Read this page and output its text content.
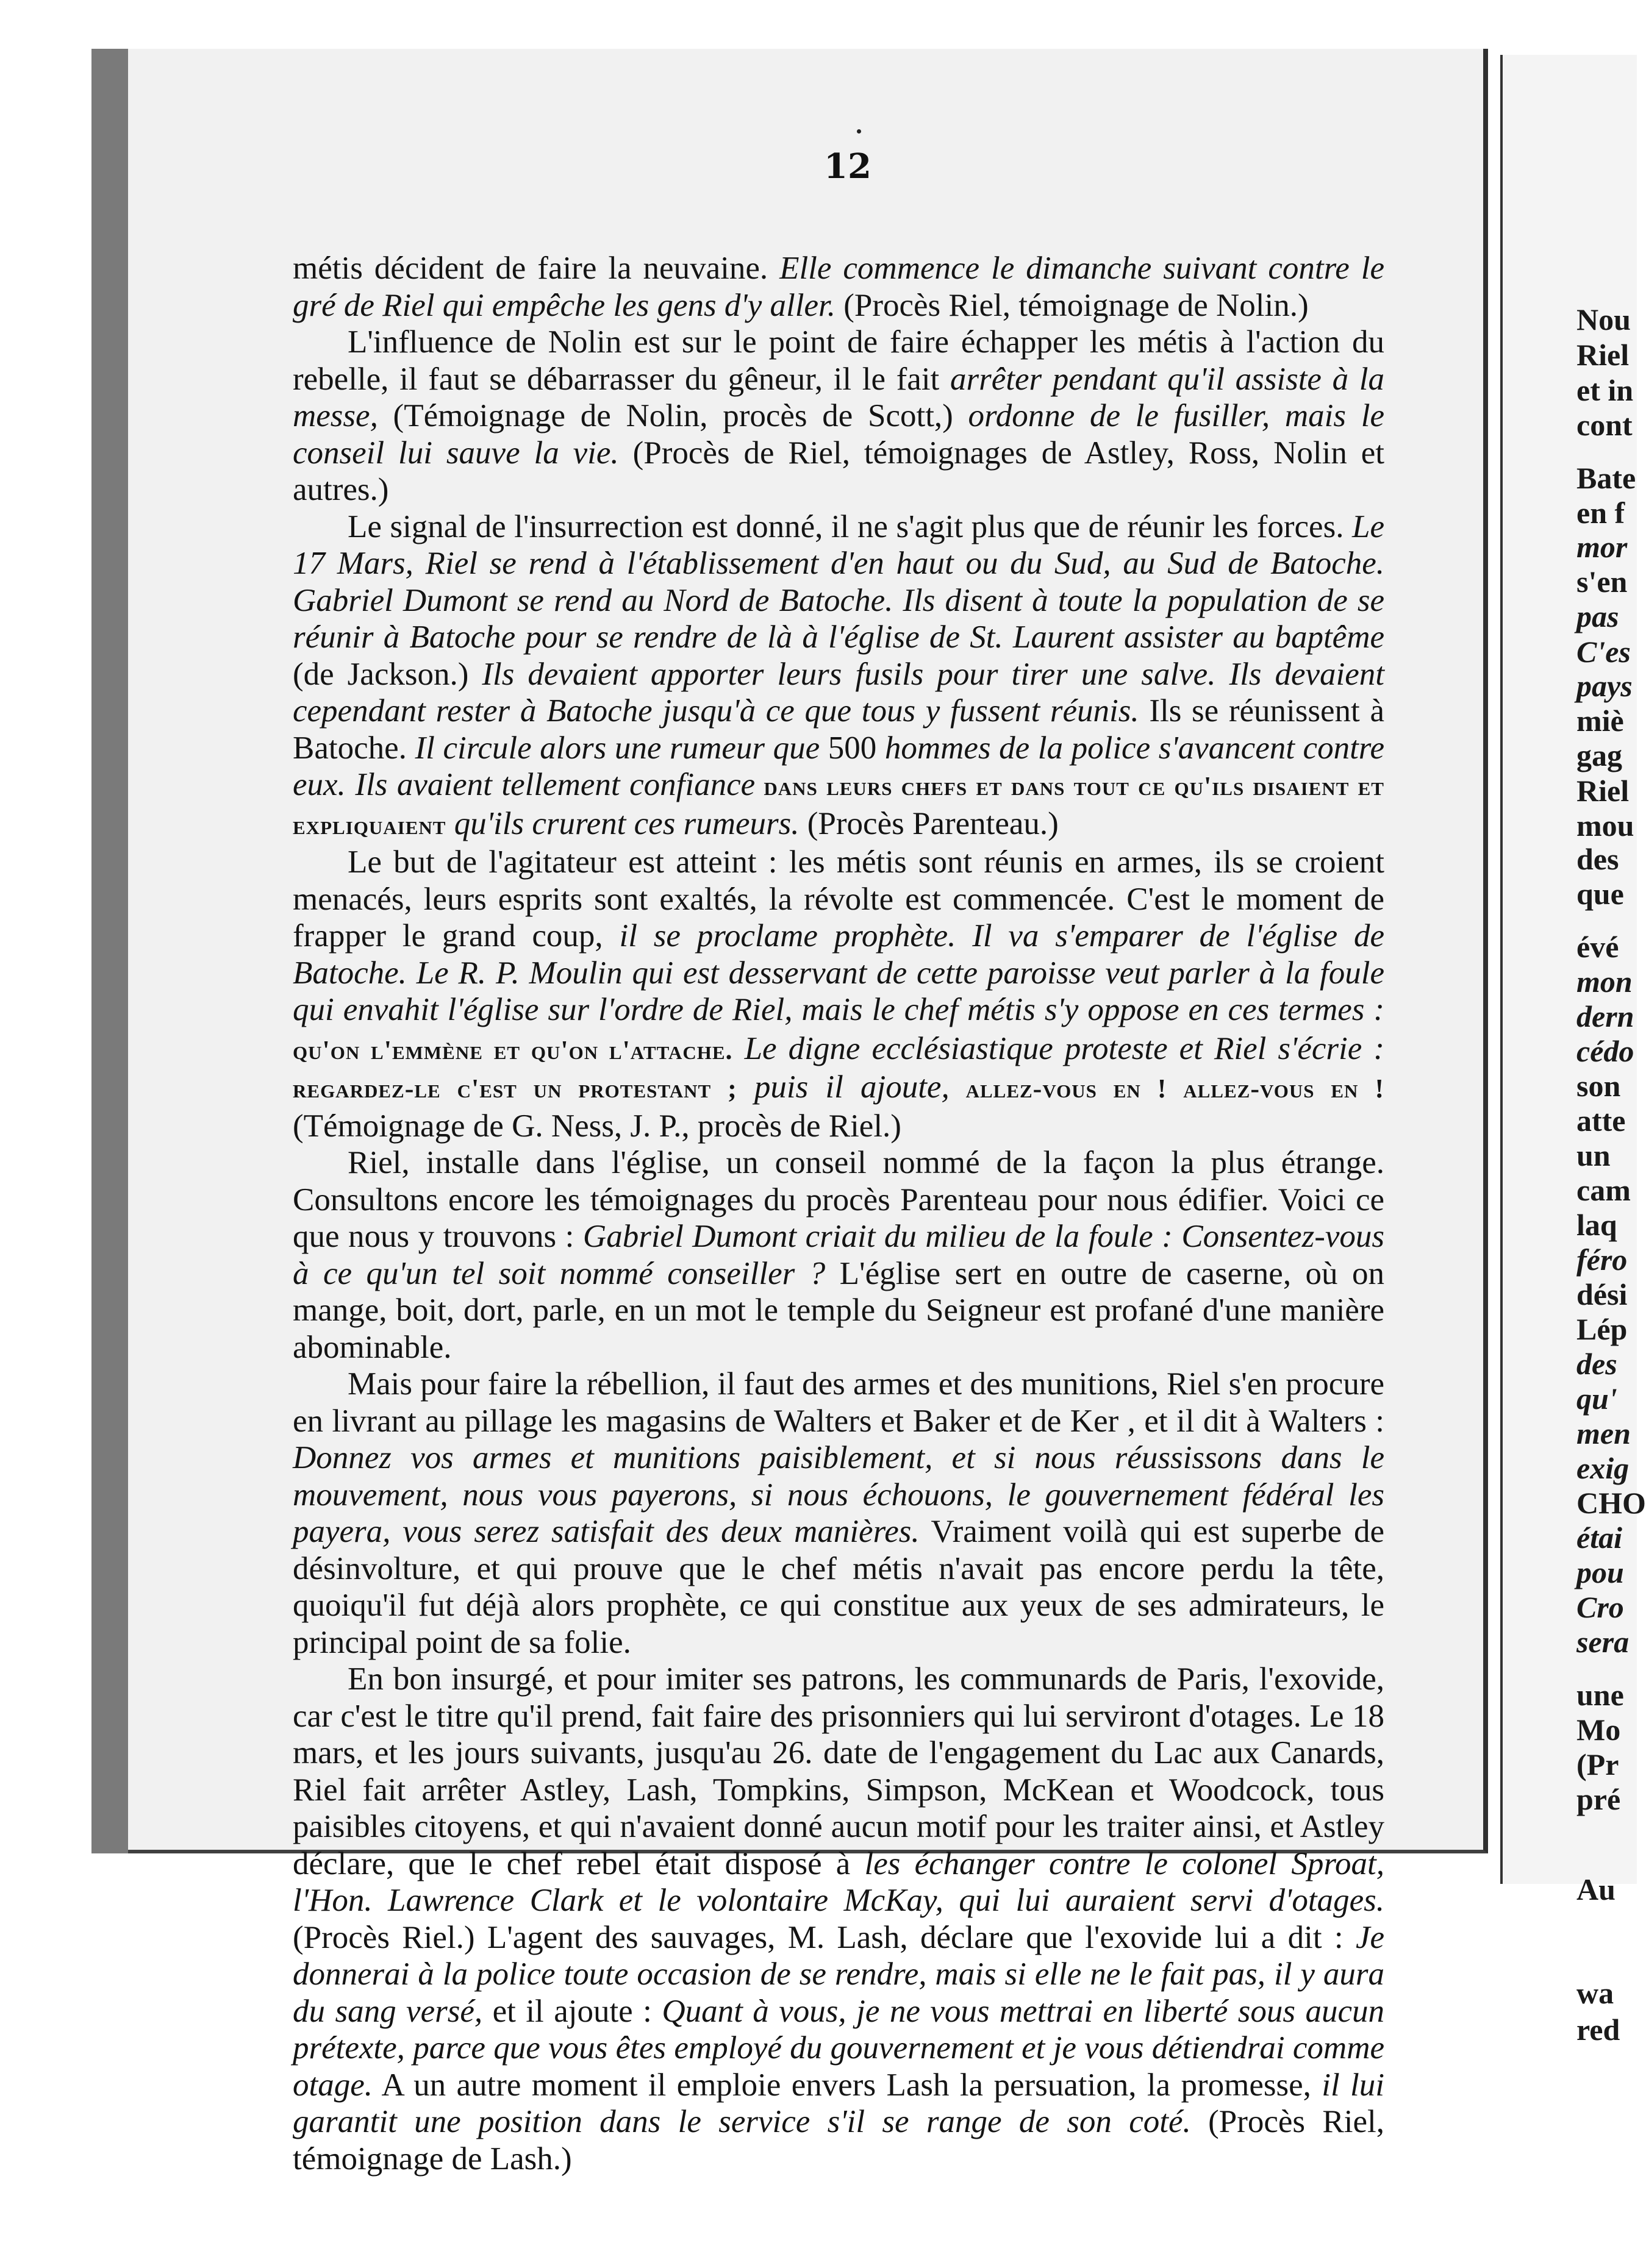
12

métis décident de faire la neuvaine. Elle commence le dimanche suivant contre le gré de Riel qui empêche les gens d'y aller. (Procès Riel, témoignage de Nolin.)

L'influence de Nolin est sur le point de faire échapper les métis à l'action du rebelle, il faut se débarrasser du gêneur, il le fait arrêter pendant qu'il assiste à la messe, (Témoignage de Nolin, procès de Scott,) ordonne de le fusiller, mais le conseil lui sauve la vie. (Procès de Riel, témoignages de Astley, Ross, Nolin et autres.)

Le signal de l'insurrection est donné, il ne s'agit plus que de réunir les forces. Le 17 Mars, Riel se rend à l'établissement d'en haut ou du Sud, au Sud de Batoche. Gabriel Dumont se rend au Nord de Batoche. Ils disent à toute la population de se réunir à Batoche pour se rendre de là à l'église de St. Laurent assister au baptême (de Jackson.) Ils devaient apporter leurs fusils pour tirer une salve. Ils devaient cependant rester à Batoche jusqu'à ce que tous y fussent réunis. Ils se réunissent à Batoche. Il circule alors une rumeur que 500 hommes de la police s'avancent contre eux. Ils avaient tellement confiance dans leurs chefs et dans tout ce qu'ils disaient et expliquaient qu'ils crurent ces rumeurs. (Procès Parenteau.)

Le but de l'agitateur est atteint : les métis sont réunis en armes, ils se croient menacés, leurs esprits sont exaltés, la révolte est commencée. C'est le moment de frapper le grand coup, il se proclame prophète. Il va s'emparer de l'église de Batoche. Le R. P. Moulin qui est desservant de cette paroisse veut parler à la foule qui envahit l'église sur l'ordre de Riel, mais le chef métis s'y oppose en ces termes : qu'on l'emmène et qu'on l'attache. Le digne ecclésiastique proteste et Riel s'écrie : regardez-le c'est un protestant ; puis il ajoute, allez-vous en ! allez-vous en ! (Témoignage de G. Ness, J. P., procès de Riel.)

Riel, installe dans l'église, un conseil nommé de la façon la plus étrange. Consultons encore les témoignages du procès Parenteau pour nous édifier. Voici ce que nous y trouvons : Gabriel Dumont criait du milieu de la foule : Consentez-vous à ce qu'un tel soit nommé conseiller ? L'église sert en outre de caserne, où on mange, boit, dort, parle, en un mot le temple du Seigneur est profané d'une manière abominable.

Mais pour faire la rébellion, il faut des armes et des munitions, Riel s'en procure en livrant au pillage les magasins de Walters et Baker et de Ker , et il dit à Walters : Donnez vos armes et munitions paisiblement, et si nous réussissons dans le mouvement, nous vous payerons, si nous échouons, le gouvernement fédéral les payera, vous serez satisfait des deux manières. Vraiment voilà qui est superbe de désinvolture, et qui prouve que le chef métis n'avait pas encore perdu la tête, quoiqu'il fut déjà alors prophète, ce qui constitue aux yeux de ses admirateurs, le principal point de sa folie.

En bon insurgé, et pour imiter ses patrons, les communards de Paris, l'exovide, car c'est le titre qu'il prend, fait faire des prisonniers qui lui serviront d'otages. Le 18 mars, et les jours suivants, jusqu'au 26. date de l'engagement du Lac aux Canards, Riel fait arrêter Astley, Lash, Tompkins, Simpson, McKean et Woodcock, tous paisibles citoyens, et qui n'avaient donné aucun motif pour les traiter ainsi, et Astley déclare, que le chef rebel était disposé à les échanger contre le colonel Sproat, l'Hon. Lawrence Clark et le volontaire McKay, qui lui auraient servi d'otages. (Procès Riel.) L'agent des sauvages, M. Lash, déclare que l'exovide lui a dit : Je donnerai à la police toute occasion de se rendre, mais si elle ne le fait pas, il y aura du sang versé, et il ajoute : Quant à vous, je ne vous mettrai en liberté sous aucun prétexte, parce que vous êtes employé du gouvernement et je vous détiendrai comme otage. A un autre moment il emploie envers Lash la persuation, la promesse, il lui garantit une position dans le service s'il se range de son coté. (Procès Riel, témoignage de Lash.)

Nou
Riel
et in
cont
Bate
en f
mor
s'en
pas
C'es
pays
miè
gag
Riel
mou
des
que
évé
mon
dern
cédo
son
atte
un
cam
laq
féro
dési
Lép
des
qu'
men
exig
CHO
étai
pou
Cro
sera
une
Mo
(Pr
pré
Au
wa
red
